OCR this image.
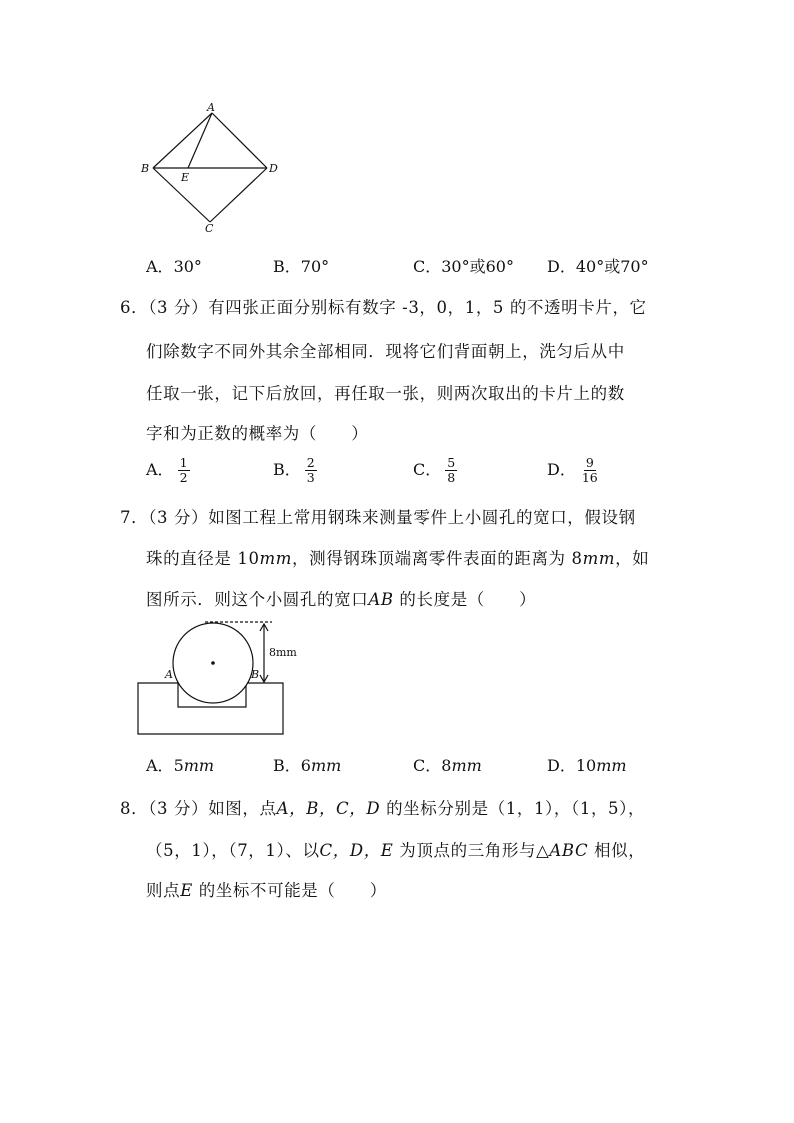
A
B	D
E
C
A．30°	B．70°	C．30°或60° D．40°或70°
6．（3 分）有四张正面分别标有数字 -3，0，1，5 的不透明卡片，它
们除数字不同外其余全部相同．现将它们背面朝上，洗匀后从中
任取一张，记下后放回，再任取一张，则两次取出的卡片上的数
字和为正数的概率为（　　）
A． $\frac{1}{2}$	B． $\frac{2}{3}$	C． $\frac{5}{8}$	D． $\frac{9}{16}$
7．（3 分）如图工程上常用钢珠来测量零件上小圆孔的宽口，假设钢
珠的直径是 10mm，测得钢珠顶端离零件表面的距离为 8mm，如
图所示．则这个小圆孔的宽口AB 的长度是（　　）
A	B
8mm
A．5mm	B．6mm	C．8mm	D．10mm
8．（3 分）如图，点A，B，C，D 的坐标分别是（1，1），（1，5），
（5，1），（7，1）、以C，D，E 为顶点的三角形与△ABC 相似，
则点E 的坐标不可能是（　　）
